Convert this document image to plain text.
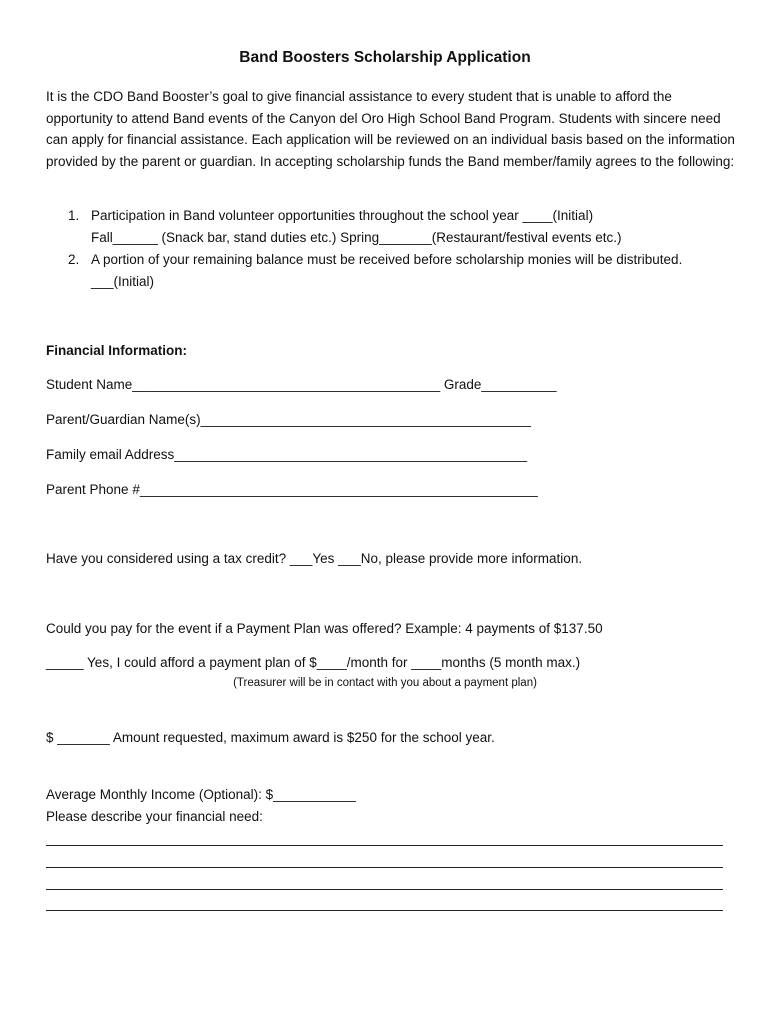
Band Boosters Scholarship Application
It is the CDO Band Booster’s goal to give financial assistance to every student that is unable to afford the opportunity to attend Band events of the Canyon del Oro High School Band Program. Students with sincere need can apply for financial assistance. Each application will be reviewed on an individual basis based on the information provided by the parent or guardian. In accepting scholarship funds the Band member/family agrees to the following:
1. Participation in Band volunteer opportunities throughout the school year ____(Initial)
Fall______ (Snack bar, stand duties etc.) Spring_______(Restaurant/festival events etc.)
2. A portion of your remaining balance must be received before scholarship monies will be distributed.
___(Initial)
Financial Information:
Student Name_________________________________________ Grade__________
Parent/Guardian Name(s)____________________________________________
Family email Address_______________________________________________
Parent Phone #_____________________________________________________
Have you considered using a tax credit? ___Yes ___No, please provide more information.
Could you pay for the event if a Payment Plan was offered? Example: 4 payments of $137.50
_____ Yes, I could afford a payment plan of $____/month for ____months (5 month max.)
(Treasurer will be in contact with you about a payment plan)
$ _______ Amount requested, maximum award is $250 for the school year.
Average Monthly Income (Optional): $___________
Please describe your financial need:
